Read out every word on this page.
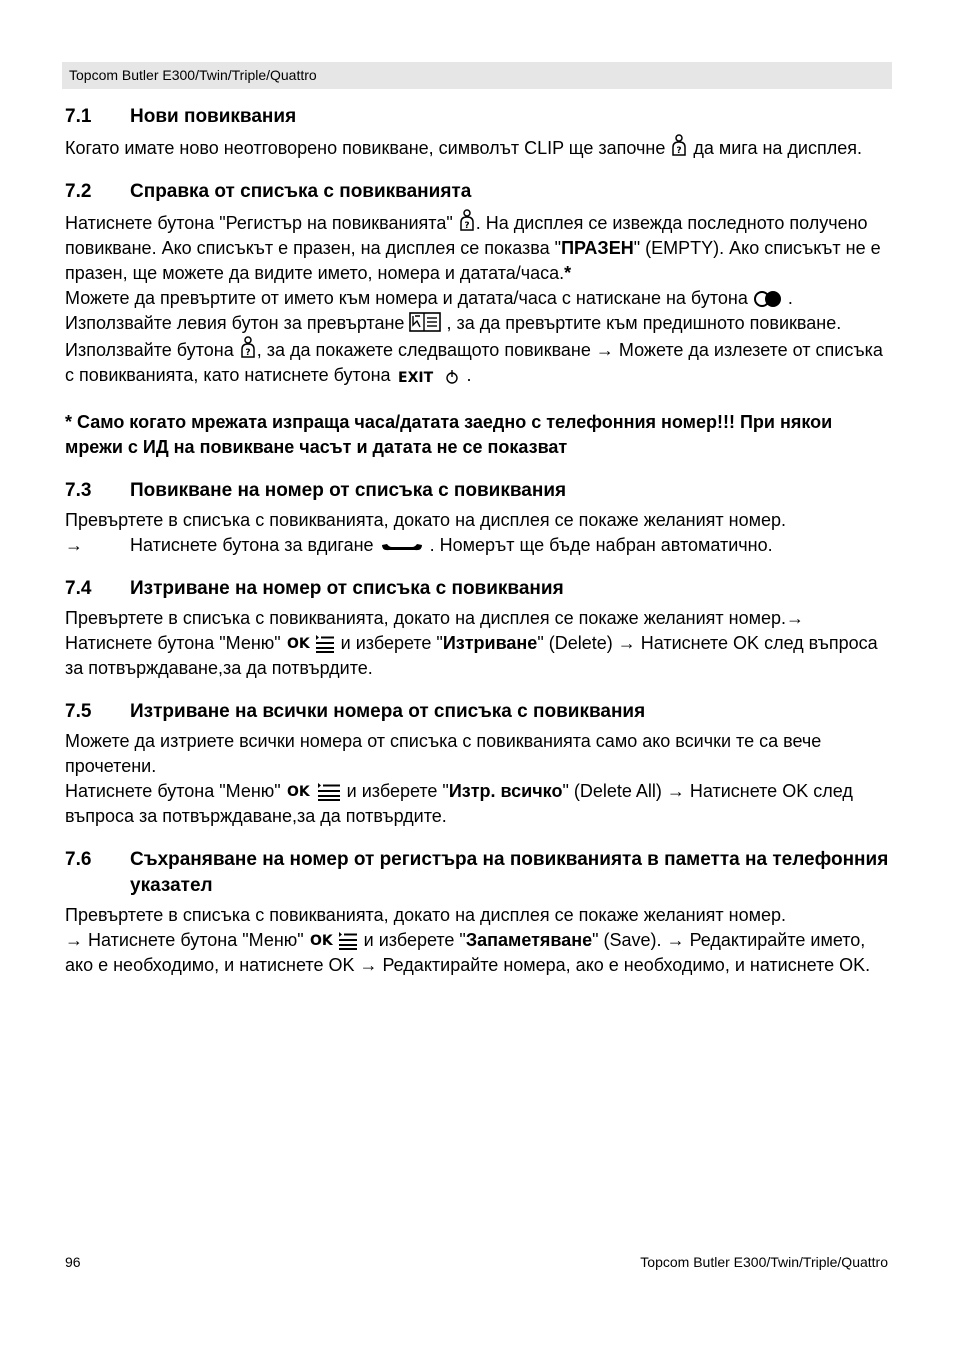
Topcom Butler E300/Twin/Triple/Quattro
7.1	Нови повиквания
Когато имате ново неотговорено повикване, символът CLIP ще започне ? да мига на дисплея.
7.2	Справка от списъка с повикванията
Натиснете бутона "Регистър на повикванията" ? . На дисплея се извежда последното получено повикване. Ако списъкът е празен, на дисплея се показва "ПРАЗЕН" (EMPTY). Ако списъкът не е празен, ще можете да видите името, номера и датата/часа.*
Можете да превъртите от името към номера и датата/часа с натискане на бутона
. Използвайте левия бутон за превъртане
, за да превъртите към предишното повикване. Използвайте бутона ? , за да покажете следващото повикване → Можете да излезете от списъка с повикванията, като натиснете бутона EXIT .
* Само когато мрежата изпраща часа/датата заедно с телефонния номер!!! При някои мрежи с ИД на повикване часът и датата не се показват
7.3	Повикване на номер от списъка с повиквания
Превъртете в списъка с повикванията, докато на дисплея се покаже желаният номер.
→	Натиснете бутона за вдигане	. Номерът ще бъде набран автоматично.
7.4	Изтриване на номер от списъка с повиквания
Превъртете в списъка с повикванията, докато на дисплея се покаже желаният номер.→ Натиснете бутона "Меню" OK и изберете "Изтриване" (Delete) → Натиснете OK след въпроса за потвърждаване,за да потвърдите.
7.5	Изтриване на всички номера от списъка с повиквания
Можете да изтриете всички номера от списъка с повикванията само ако всички те са вече прочетени.
Натиснете бутона "Меню" OK и изберете "Изтр. всичко" (Delete All) → Натиснете OK след въпроса за потвърждаване,за да потвърдите.
7.6	Съхраняване на номер от регистъра на повикванията в паметта на телефонния указател
Превъртете в списъка с повикванията, докато на дисплея се покаже желаният номер.
→ Натиснете бутона "Меню" OK и изберете "Запаметяване" (Save). → Редактирайте името, ако е необходимо, и натиснете OK → Редактирайте номера, ако е необходимо, и натиснете OK.
96	Topcom Butler E300/Twin/Triple/Quattro
